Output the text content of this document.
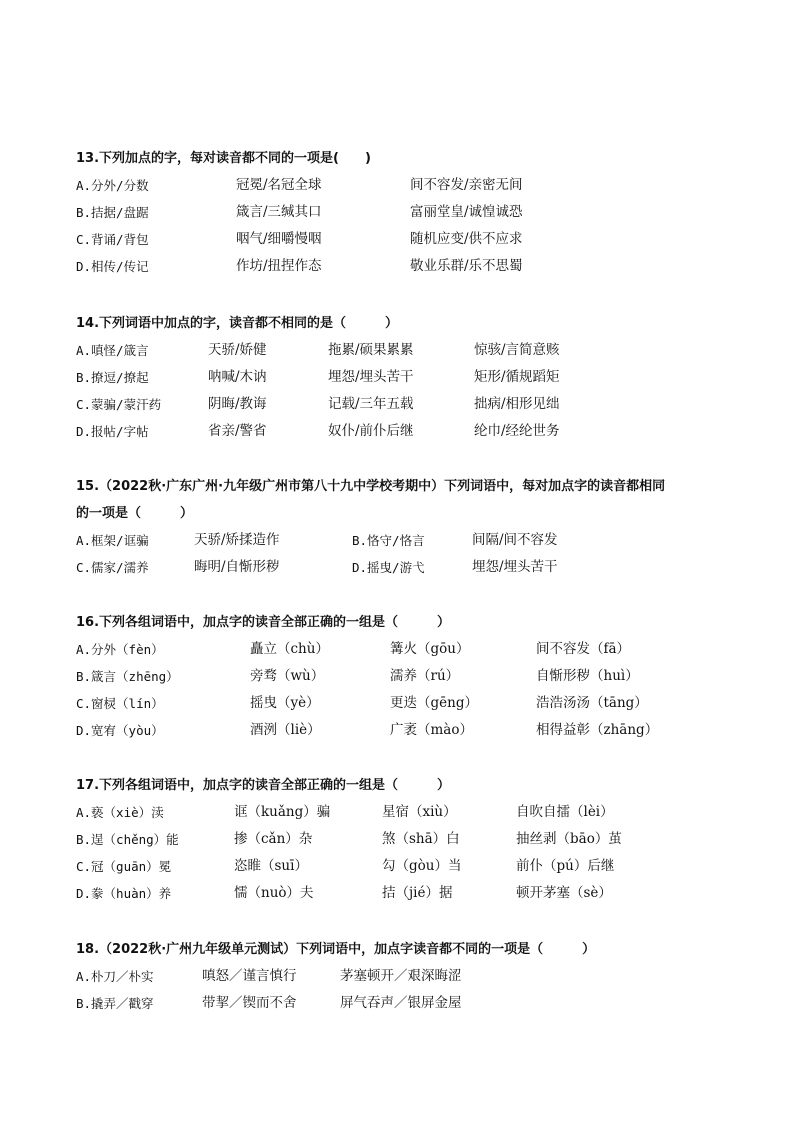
13.下列加点的字，每对读音都不同的一项是(　　)
A.分外/分数	冠冕/名冠全球	间不容发/亲密无间
B.拮据/盘踞	箴言/三缄其口	富丽堂皇/诚惶诚恐
C.背诵/背包	咽气/细嚼慢咽	随机应变/供不应求
D.相传/传记	作坊/扭捏作态	敬业乐群/乐不思蜀
14.下列词语中加点的字，读音都不相同的是（　　　）
A.嗔怪/箴言	天骄/娇健	拖累/硕果累累	惊骇/言简意赅
B.撩逗/撩起	呐喊/木讷	埋怨/埋头苦干	矩形/循规蹈矩
C.蒙骗/蒙汗药	阴晦/教诲	记载/三年五载	拙病/相形见绌
D.报帖/字帖	省亲/警省	奴仆/前仆后继	纶巾/经纶世务
15.（2022秋·广东广州·九年级广州市第八十九中学校考期中）下列词语中，每对加点字的读音都相同
的一项是（　　　）
A.框架/诓骗	天骄/矫揉造作	B.恪守/恪言	间隔/间不容发
C.儒家/濡养	晦明/自惭形秽	D.摇曳/游弋	埋怨/埋头苦干
16.下列各组词语中，加点字的读音全部正确的一组是（　　　）
A.分外（fèn）	矗立（chù）	篝火（gōu）	间不容发（fā）
B.箴言（zhēng）	旁骛（wù）	濡养（rú）	自惭形秽（huì）
C.窗棂（lín）	摇曳（yè）	更迭（gēng）	浩浩汤汤（tāng）
D.宽宥（yòu）	酒洌（liè）	广袤（mào）	相得益彰（zhāng）
17.下列各组词语中，加点字的读音全部正确的一组是（　　　）
A.亵（xiè）渎	诓（kuǎng）骗	星宿（xiù）	自吹自擂（lèi）
B.逞（chěng）能	掺（cǎn）杂	煞（shā）白	抽丝剥（bāo）茧
C.冠（guān）冕	恣睢（suī）	勾（gòu）当	前仆（pú）后继
D.豢（huàn）养	懦（nuò）夫	拮（jié）据	顿开茅塞（sè）
18.（2022秋·广州九年级单元测试）下列词语中，加点字读音都不同的一项是（　　　）
A.朴刀／朴实	嗔怒／谨言慎行	茅塞顿开／艰深晦涩
B.撬弄／戳穿	带挈／锲而不舍	屏气吞声／银屏金屋
